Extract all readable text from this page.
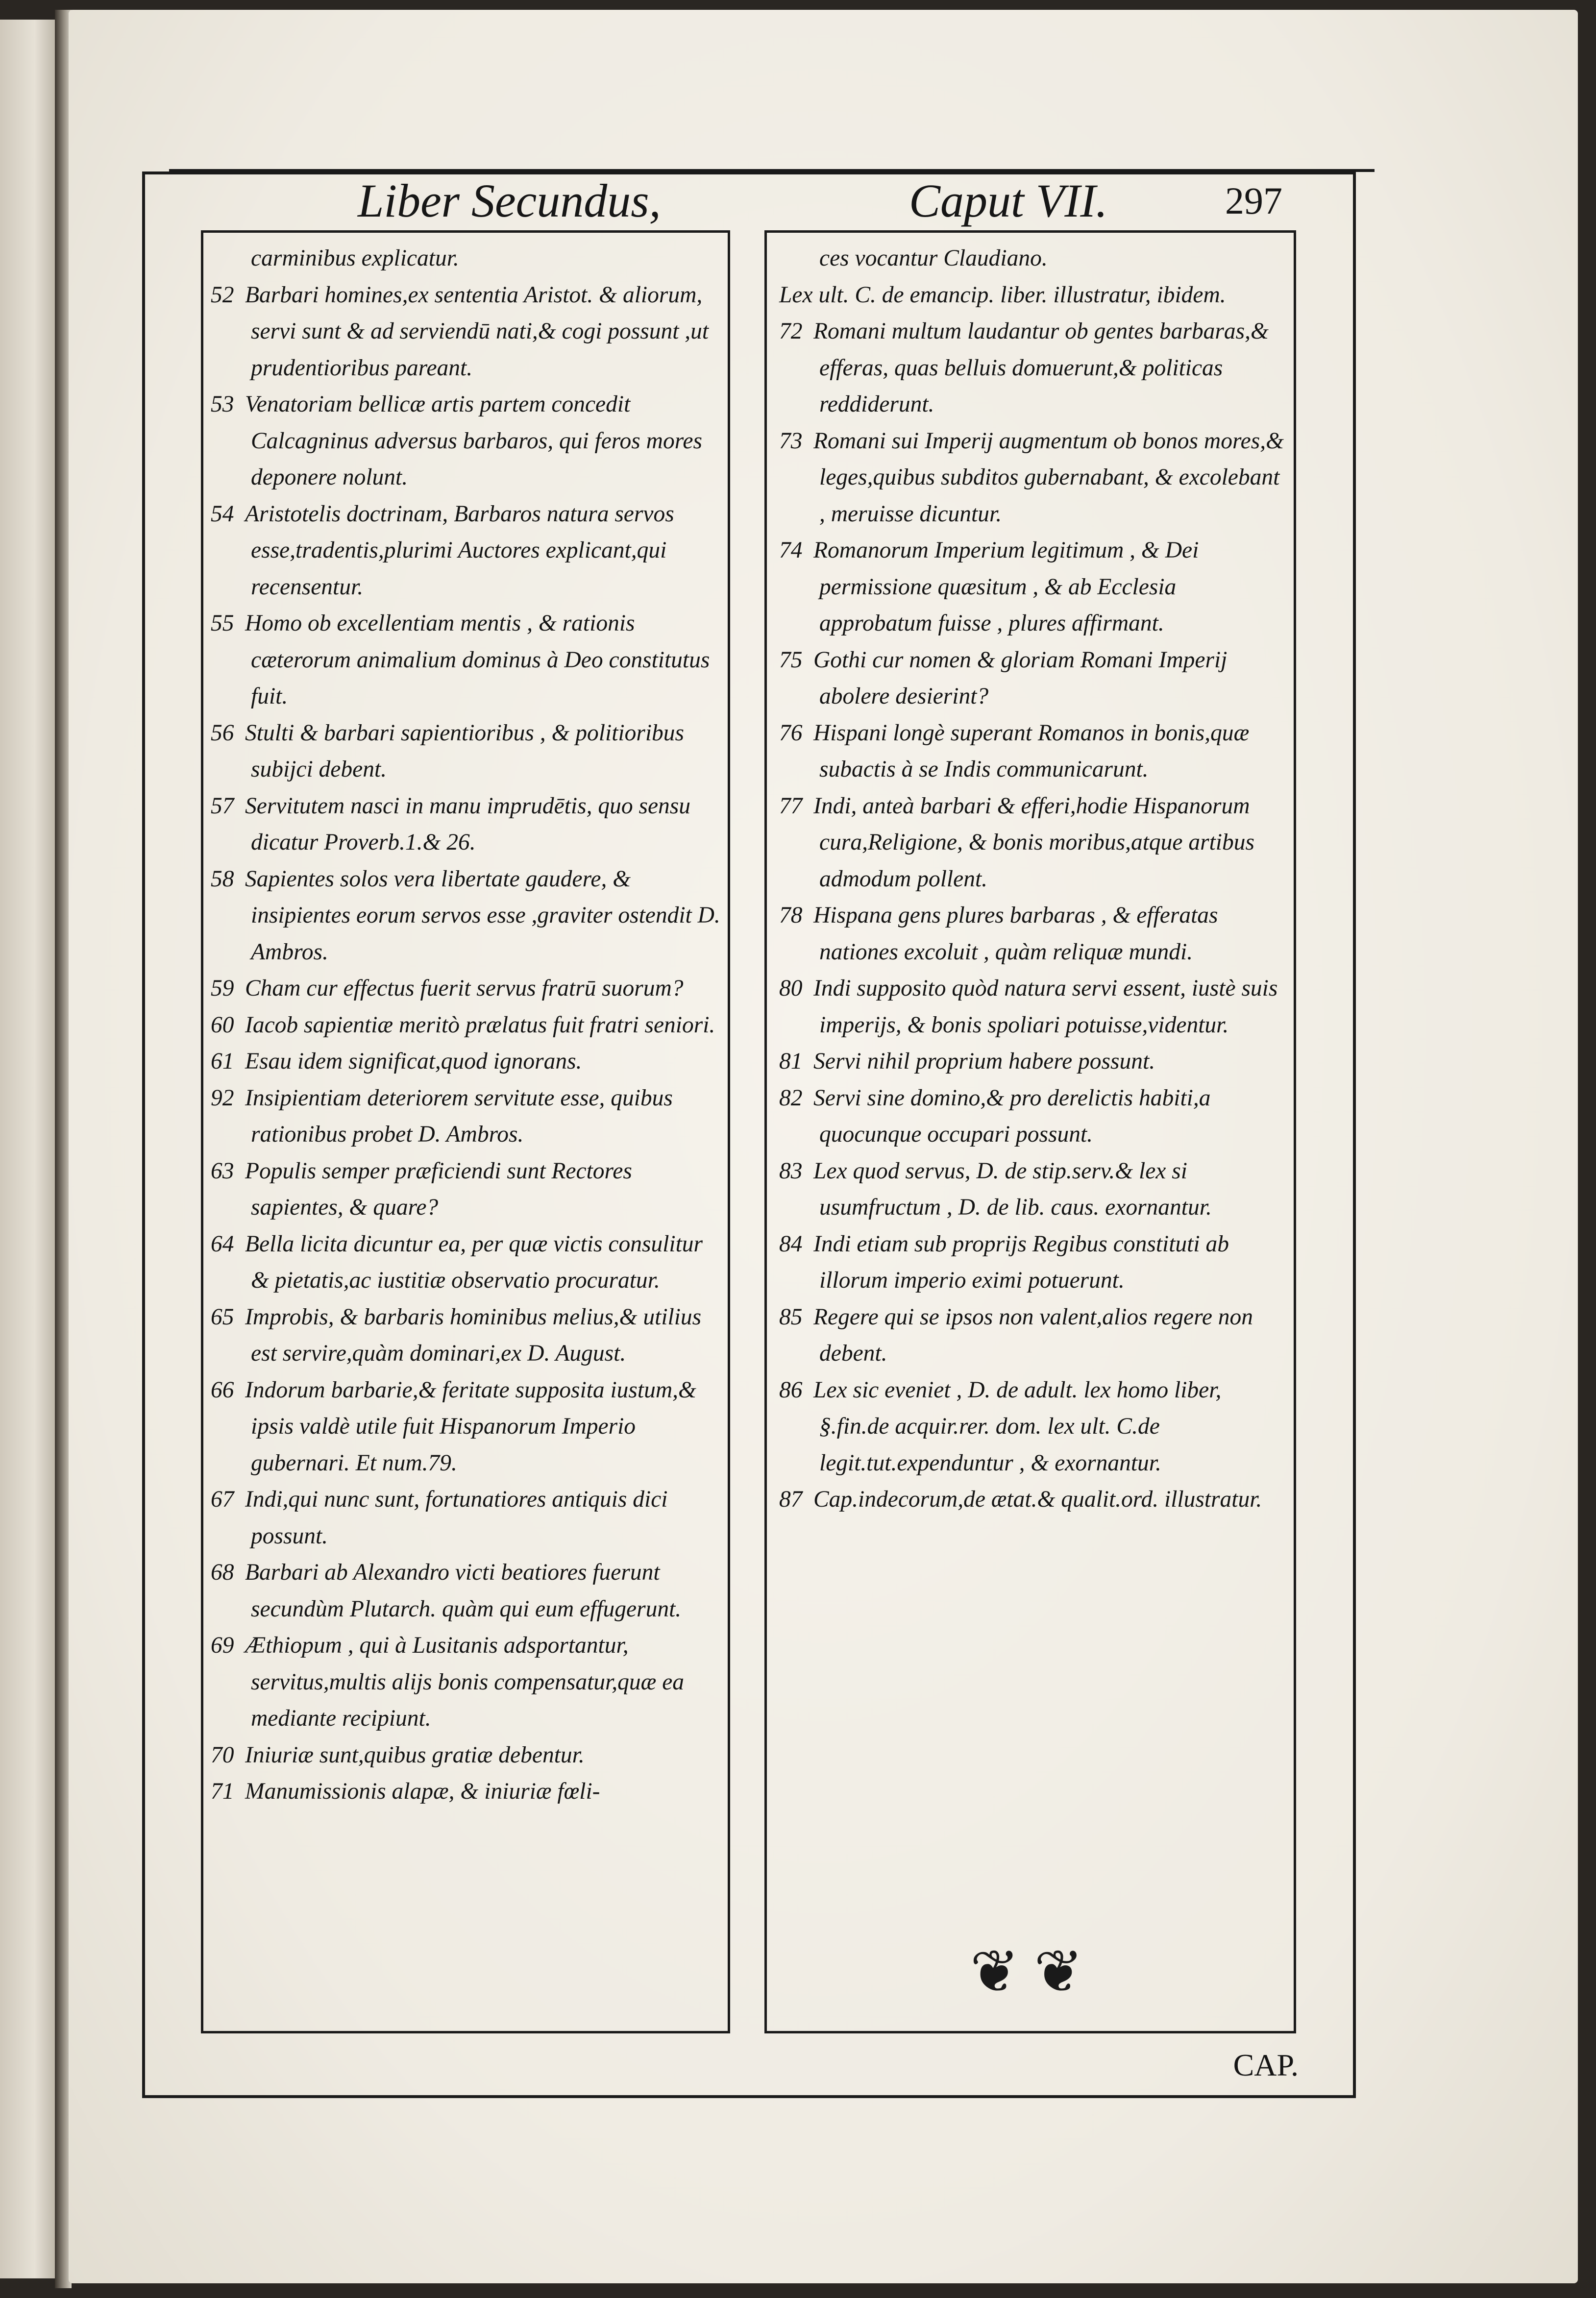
Liber Secundus,	Caput VII.	297

carminibus explicatur.

52 Barbari homines,ex sententia Aristot. & aliorum, servi sunt & ad serviendū nati,& cogi possunt ,ut prudentioribus pareant.

53 Venatoriam bellicæ artis partem concedit Calcagninus adversus barbaros, qui feros mores deponere nolunt.

54 Aristotelis doctrinam, Barbaros natura servos esse,tradentis,plurimi Auctores explicant,qui recensentur.

55 Homo ob excellentiam mentis , & rationis cæterorum animalium dominus à Deo constitutus fuit.

56 Stulti & barbari sapientioribus , & politioribus subijci debent.

57 Servitutem nasci in manu imprudētis, quo sensu dicatur Proverb.1.& 26.

58 Sapientes solos vera libertate gaudere, & insipientes eorum servos esse ,graviter ostendit D. Ambros.

59 Cham cur effectus fuerit servus fratrū suorum?

60 Iacob sapientiæ meritò prælatus fuit fratri seniori.

61 Esau idem significat,quod ignorans.

92 Insipientiam deteriorem servitute esse, quibus rationibus probet D. Ambros.

63 Populis semper præficiendi sunt Rectores sapientes, & quare?

64 Bella licita dicuntur ea, per quæ victis consulitur & pietatis,ac iustitiæ observatio procuratur.

65 Improbis, & barbaris hominibus melius,& utilius est servire,quàm dominari,ex D. August.

66 Indorum barbarie,& feritate supposita iustum,& ipsis valdè utile fuit Hispanorum Imperio gubernari. Et num.79.

67 Indi,qui nunc sunt, fortunatiores antiquis dici possunt.

68 Barbari ab Alexandro victi beatiores fuerunt secundùm Plutarch. quàm qui eum effugerunt.

69 Æthiopum , qui à Lusitanis adsportantur, servitus,multis alijs bonis compensatur,quæ ea mediante recipiunt.

70 Iniuriæ sunt,quibus gratiæ debentur.

71 Manumissionis alapæ, & iniuriæ fœli-

ces vocantur Claudiano.

Lex ult. C. de emancip. liber. illustratur, ibidem.

72 Romani multum laudantur ob gentes barbaras,& efferas, quas belluis domuerunt,& politicas reddiderunt.

73 Romani sui Imperij augmentum ob bonos mores,& leges,quibus subditos gubernabant, & excolebant , meruisse dicuntur.

74 Romanorum Imperium legitimum , & Dei permissione quæsitum , & ab Ecclesia approbatum fuisse , plures affirmant.

75 Gothi cur nomen & gloriam Romani Imperij abolere desierint?

76 Hispani longè superant Romanos in bonis,quæ subactis à se Indis communicarunt.

77 Indi, anteà barbari & efferi,hodie Hispanorum cura,Religione, & bonis moribus,atque artibus admodum pollent.

78 Hispana gens plures barbaras , & efferatas nationes excoluit , quàm reliquæ mundi.

80 Indi supposito quòd natura servi essent, iustè suis imperijs, & bonis spoliari potuisse,videntur.

81 Servi nihil proprium habere possunt.

82 Servi sine domino,& pro derelictis habiti,a quocunque occupari possunt.

83 Lex quod servus, D. de stip.serv.& lex si usumfructum , D. de lib. caus. exornantur.

84 Indi etiam sub proprijs Regibus constituti ab illorum imperio eximi potuerunt.

85 Regere qui se ipsos non valent,alios regere non debent.

86 Lex sic eveniet , D. de adult. lex homo liber, §.fin.de acquir.rer. dom. lex ult. C.de legit.tut.expenduntur , & exornantur.

87 Cap.indecorum,de ætat.& qualit.ord. illustratur.

❦ ❦
CAP.
